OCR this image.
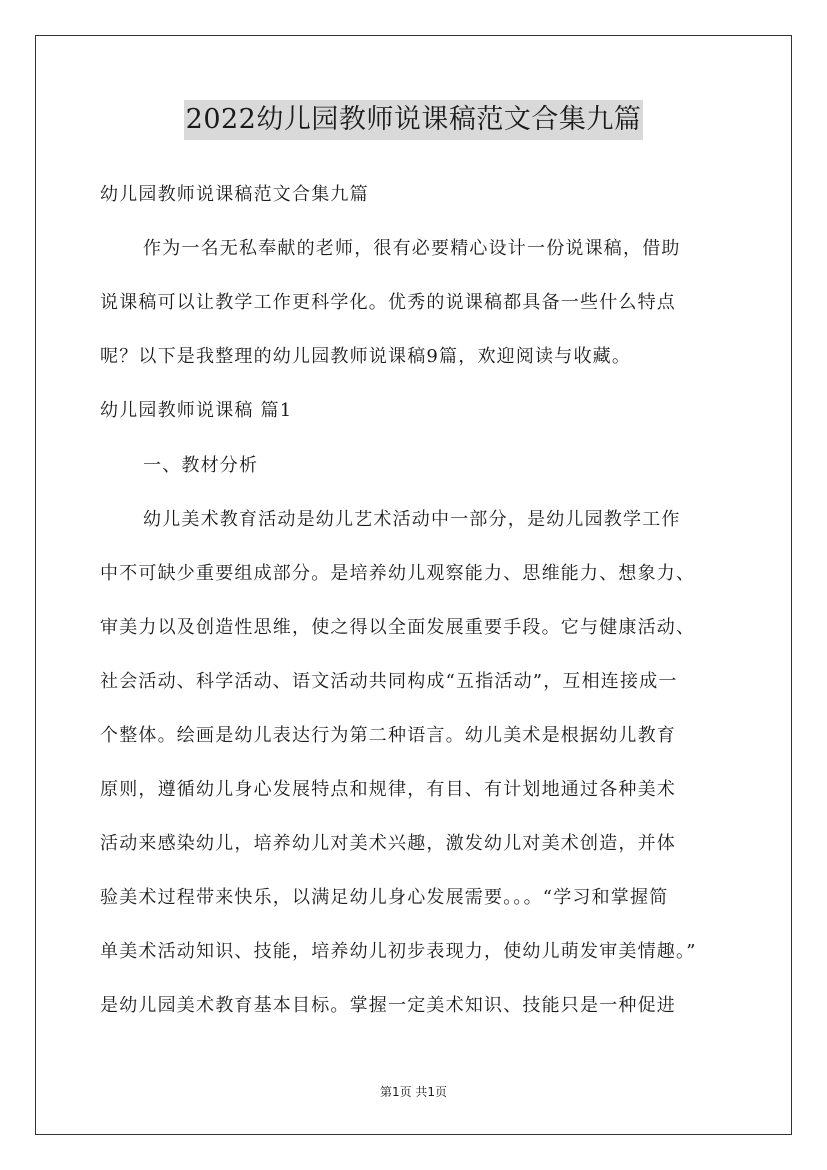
2022幼儿园教师说课稿范文合集九篇
幼儿园教师说课稿范文合集九篇
作为一名无私奉献的老师，很有必要精心设计一份说课稿，借助
说课稿可以让教学工作更科学化。优秀的说课稿都具备一些什么特点
呢？以下是我整理的幼儿园教师说课稿9篇，欢迎阅读与收藏。
幼儿园教师说课稿 篇1
一、教材分析
幼儿美术教育活动是幼儿艺术活动中一部分，是幼儿园教学工作
中不可缺少重要组成部分。是培养幼儿观察能力、思维能力、想象力、
审美力以及创造性思维，使之得以全面发展重要手段。它与健康活动、
社会活动、科学活动、语文活动共同构成“五指活动”，互相连接成一
个整体。绘画是幼儿表达行为第二种语言。幼儿美术是根据幼儿教育
原则，遵循幼儿身心发展特点和规律，有目、有计划地通过各种美术
活动来感染幼儿，培养幼儿对美术兴趣，激发幼儿对美术创造，并体
验美术过程带来快乐，以满足幼儿身心发展需要。。。“学习和掌握简
单美术活动知识、技能，培养幼儿初步表现力，使幼儿萌发审美情趣。”
是幼儿园美术教育基本目标。掌握一定美术知识、技能只是一种促进
第1页 共1页
